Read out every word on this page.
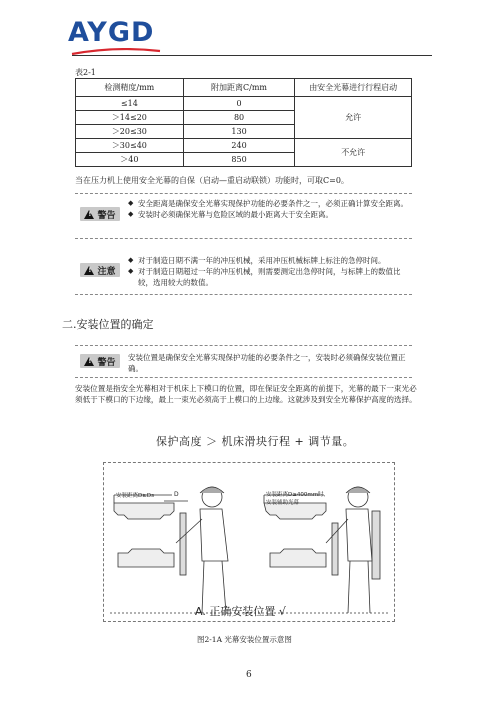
AYGD
表2-1
检测精度/mm	附加距离C/mm	由安全光幕进行行程启动
≤14	0	允许
＞14≤20	80	
＞20≤30	130	
＞30≤40	240	不允许
＞40	850	
当在压力机上使用安全光幕的自保（启动—重启动联锁）功能时，可取C=0。
! 警告
◆ 安全距离是确保安全光幕实现保护功能的必要条件之一，必须正确计算安全距离。
◆ 安装时必须确保光幕与危险区域的最小距离大于安全距离。
! 注意
◆ 对于制造日期不满一年的冲压机械，采用冲压机械标牌上标注的急停时间。
◆ 对于制造日期超过一年的冲压机械，则需要测定出急停时间，与标牌上的数值比较，选用较大的数值。
二.安装位置的确定
! 警告 安装位置是确保安全光幕实现保护功能的必要条件之一，安装时必须确保安装位置正确。
安装位置是指安全光幕相对于机床上下模口的位置，即在保证安全距离的前提下，光幕的最下一束光必须低于下模口的下边缘，最上一束光必须高于上模口的上边缘。这就涉及到安全光幕保护高度的选择。
保护高度 ＞ 机床滑块行程 + 调节量。
安装距离D≥Ds	D	安装距离D≥400mm时,
安装辅助光幕
A. 正确安装位置 √
图2-1A 光幕安装位置示意图
6
